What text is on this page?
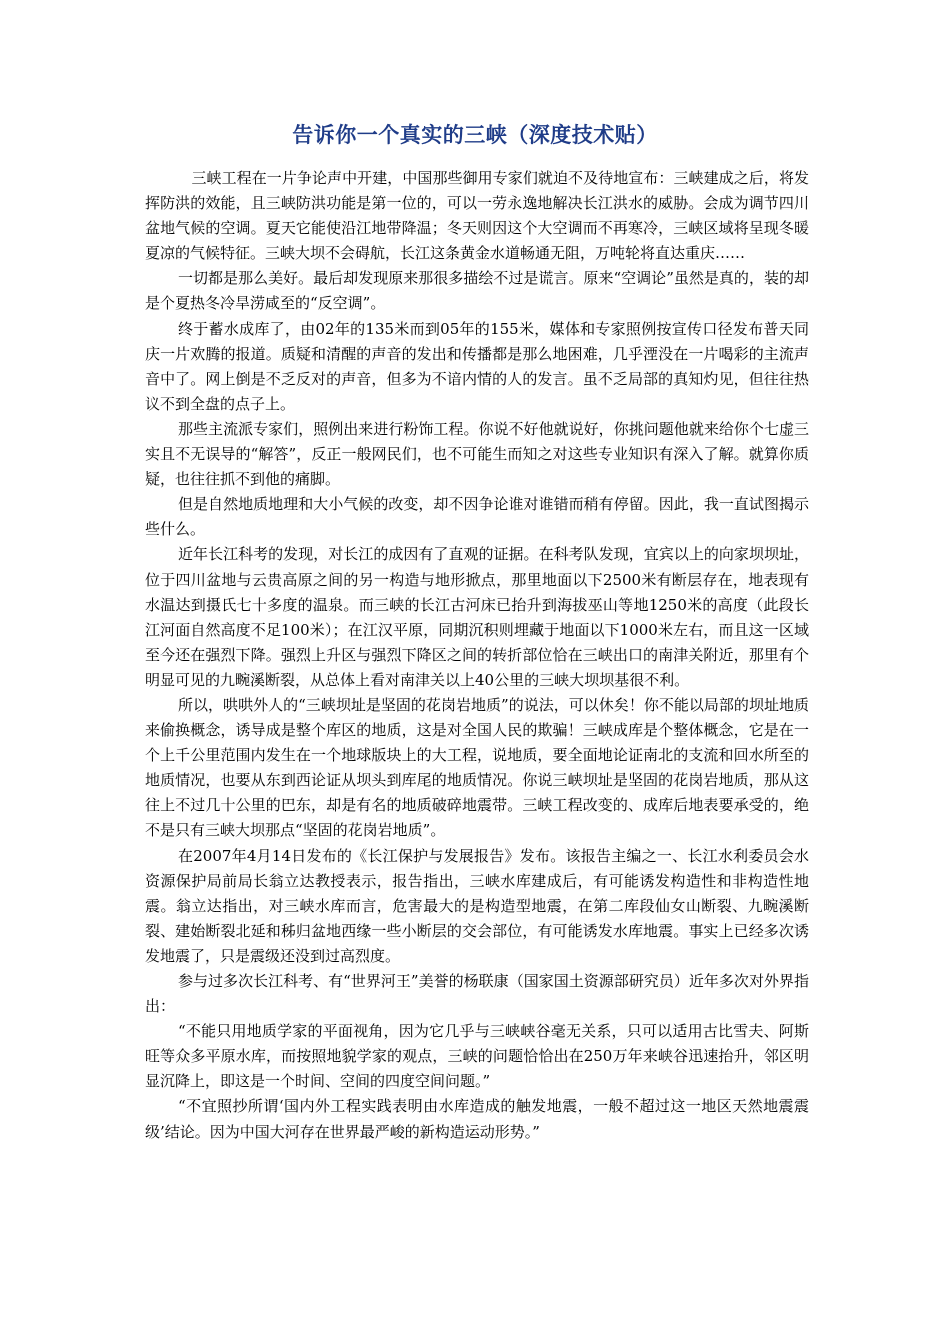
告诉你一个真实的三峡（深度技术贴）

三峡工程在一片争论声中开建，中国那些御用专家们就迫不及待地宣布：三峡建成之后，将发挥防洪的效能，且三峡防洪功能是第一位的，可以一劳永逸地解决长江洪水的威胁。会成为调节四川盆地气候的空调。夏天它能使沿江地带降温；冬天则因这个大空调而不再寒冷，三峡区域将呈现冬暖夏凉的气候特征。三峡大坝不会碍航，长江这条黄金水道畅通无阻，万吨轮将直达重庆……

一切都是那么美好。最后却发现原来那很多描绘不过是谎言。原来“空调论”虽然是真的，装的却是个夏热冬冷旱涝咸至的“反空调”。

终于蓄水成库了，由02年的135米而到05年的155米，媒体和专家照例按宣传口径发布普天同庆一片欢腾的报道。质疑和清醒的声音的发出和传播都是那么地困难，几乎湮没在一片喝彩的主流声音中了。网上倒是不乏反对的声音，但多为不谙内情的人的发言。虽不乏局部的真知灼见，但往往热议不到全盘的点子上。

那些主流派专家们，照例出来进行粉饰工程。你说不好他就说好，你挑问题他就来给你个七虚三实且不无误导的“解答”，反正一般网民们，也不可能生而知之对这些专业知识有深入了解。就算你质疑，也往往抓不到他的痛脚。

但是自然地质地理和大小气候的改变，却不因争论谁对谁错而稍有停留。因此，我一直试图揭示些什么。

近年长江科考的发现，对长江的成因有了直观的证据。在科考队发现，宜宾以上的向家坝坝址，位于四川盆地与云贵高原之间的另一构造与地形掀点，那里地面以下2500米有断层存在，地表现有水温达到摄氏七十多度的温泉。而三峡的长江古河床已抬升到海拔巫山等地1250米的高度（此段长江河面自然高度不足100米）；在江汉平原，同期沉积则埋藏于地面以下1000米左右，而且这一区域至今还在强烈下降。强烈上升区与强烈下降区之间的转折部位恰在三峡出口的南津关附近，那里有个明显可见的九畹溪断裂，从总体上看对南津关以上40公里的三峡大坝坝基很不利。

所以，哄哄外人的“三峡坝址是坚固的花岗岩地质”的说法，可以休矣！你不能以局部的坝址地质来偷换概念，诱导成是整个库区的地质，这是对全国人民的欺骗！三峡成库是个整体概念，它是在一个上千公里范围内发生在一个地球版块上的大工程，说地质，要全面地论证南北的支流和回水所至的地质情况，也要从东到西论证从坝头到库尾的地质情况。你说三峡坝址是坚固的花岗岩地质，那从这往上不过几十公里的巴东，却是有名的地质破碎地震带。三峡工程改变的、成库后地表要承受的，绝不是只有三峡大坝那点“坚固的花岗岩地质”。

在2007年4月14日发布的《长江保护与发展报告》发布。该报告主编之一、长江水利委员会水资源保护局前局长翁立达教授表示，报告指出，三峡水库建成后，有可能诱发构造性和非构造性地震。翁立达指出，对三峡水库而言，危害最大的是构造型地震，在第二库段仙女山断裂、九畹溪断裂、建始断裂北延和秭归盆地西缘一些小断层的交会部位，有可能诱发水库地震。事实上已经多次诱发地震了，只是震级还没到过高烈度。

参与过多次长江科考、有“世界河王”美誉的杨联康（国家国土资源部研究员）近年多次对外界指出：

“不能只用地质学家的平面视角，因为它几乎与三峡峡谷毫无关系，只可以适用古比雪夫、阿斯旺等众多平原水库，而按照地貌学家的观点，三峡的问题恰恰出在250万年来峡谷迅速抬升，邻区明显沉降上，即这是一个时间、空间的四度空间问题。”

“不宜照抄所谓‘国内外工程实践表明由水库造成的触发地震，一般不超过这一地区天然地震震级’结论。因为中国大河存在世界最严峻的新构造运动形势。”
